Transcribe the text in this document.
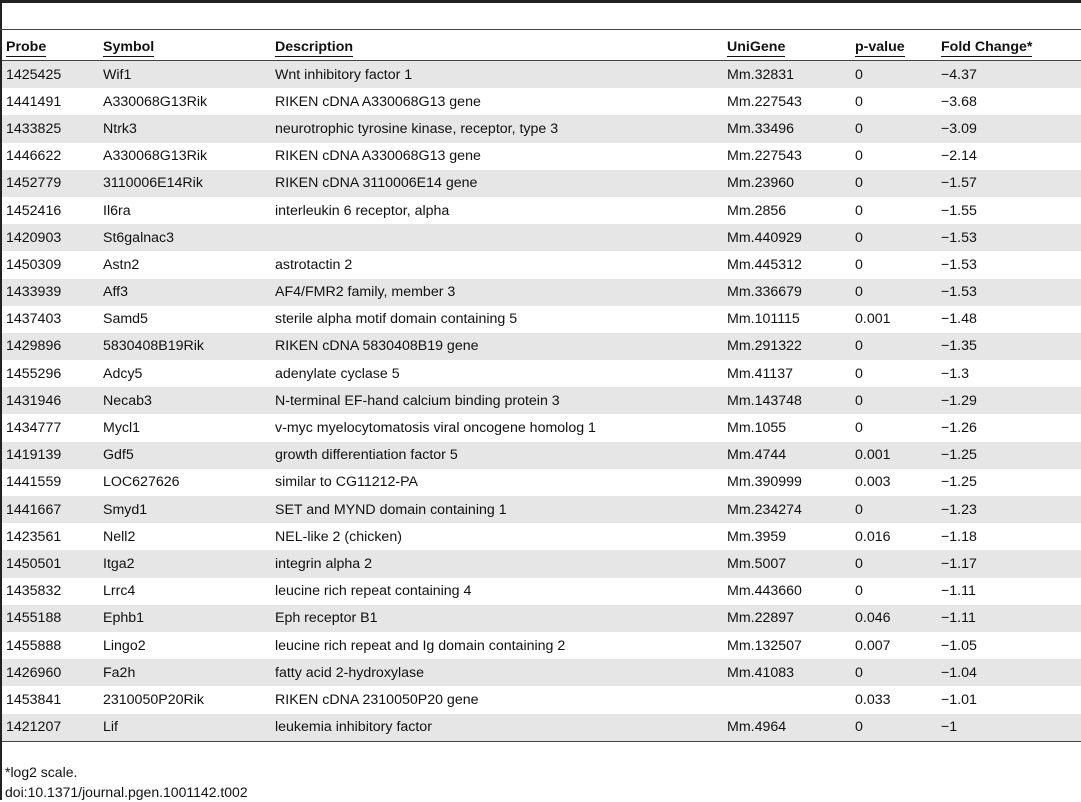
Probe	Symbol	Description	UniGene	p-value	Fold Change*
1425425	Wif1	Wnt inhibitory factor 1	Mm.32831	0	−4.37
1441491	A330068G13Rik	RIKEN cDNA A330068G13 gene	Mm.227543	0	−3.68
1433825	Ntrk3	neurotrophic tyrosine kinase, receptor, type 3	Mm.33496	0	−3.09
1446622	A330068G13Rik	RIKEN cDNA A330068G13 gene	Mm.227543	0	−2.14
1452779	3110006E14Rik	RIKEN cDNA 3110006E14 gene	Mm.23960	0	−1.57
1452416	Il6ra	interleukin 6 receptor, alpha	Mm.2856	0	−1.55
1420903	St6galnac3		Mm.440929	0	−1.53
1450309	Astn2	astrotactin 2	Mm.445312	0	−1.53
1433939	Aff3	AF4/FMR2 family, member 3	Mm.336679	0	−1.53
1437403	Samd5	sterile alpha motif domain containing 5	Mm.101115	0.001	−1.48
1429896	5830408B19Rik	RIKEN cDNA 5830408B19 gene	Mm.291322	0	−1.35
1455296	Adcy5	adenylate cyclase 5	Mm.41137	0	−1.3
1431946	Necab3	N-terminal EF-hand calcium binding protein 3	Mm.143748	0	−1.29
1434777	Mycl1	v-myc myelocytomatosis viral oncogene homolog 1	Mm.1055	0	−1.26
1419139	Gdf5	growth differentiation factor 5	Mm.4744	0.001	−1.25
1441559	LOC627626	similar to CG11212-PA	Mm.390999	0.003	−1.25
1441667	Smyd1	SET and MYND domain containing 1	Mm.234274	0	−1.23
1423561	Nell2	NEL-like 2 (chicken)	Mm.3959	0.016	−1.18
1450501	Itga2	integrin alpha 2	Mm.5007	0	−1.17
1435832	Lrrc4	leucine rich repeat containing 4	Mm.443660	0	−1.11
1455188	Ephb1	Eph receptor B1	Mm.22897	0.046	−1.11
1455888	Lingo2	leucine rich repeat and Ig domain containing 2	Mm.132507	0.007	−1.05
1426960	Fa2h	fatty acid 2-hydroxylase	Mm.41083	0	−1.04
1453841	2310050P20Rik	RIKEN cDNA 2310050P20 gene		0.033	−1.01
1421207	Lif	leukemia inhibitory factor	Mm.4964	0	−1
*log2 scale.
doi:10.1371/journal.pgen.1001142.t002
